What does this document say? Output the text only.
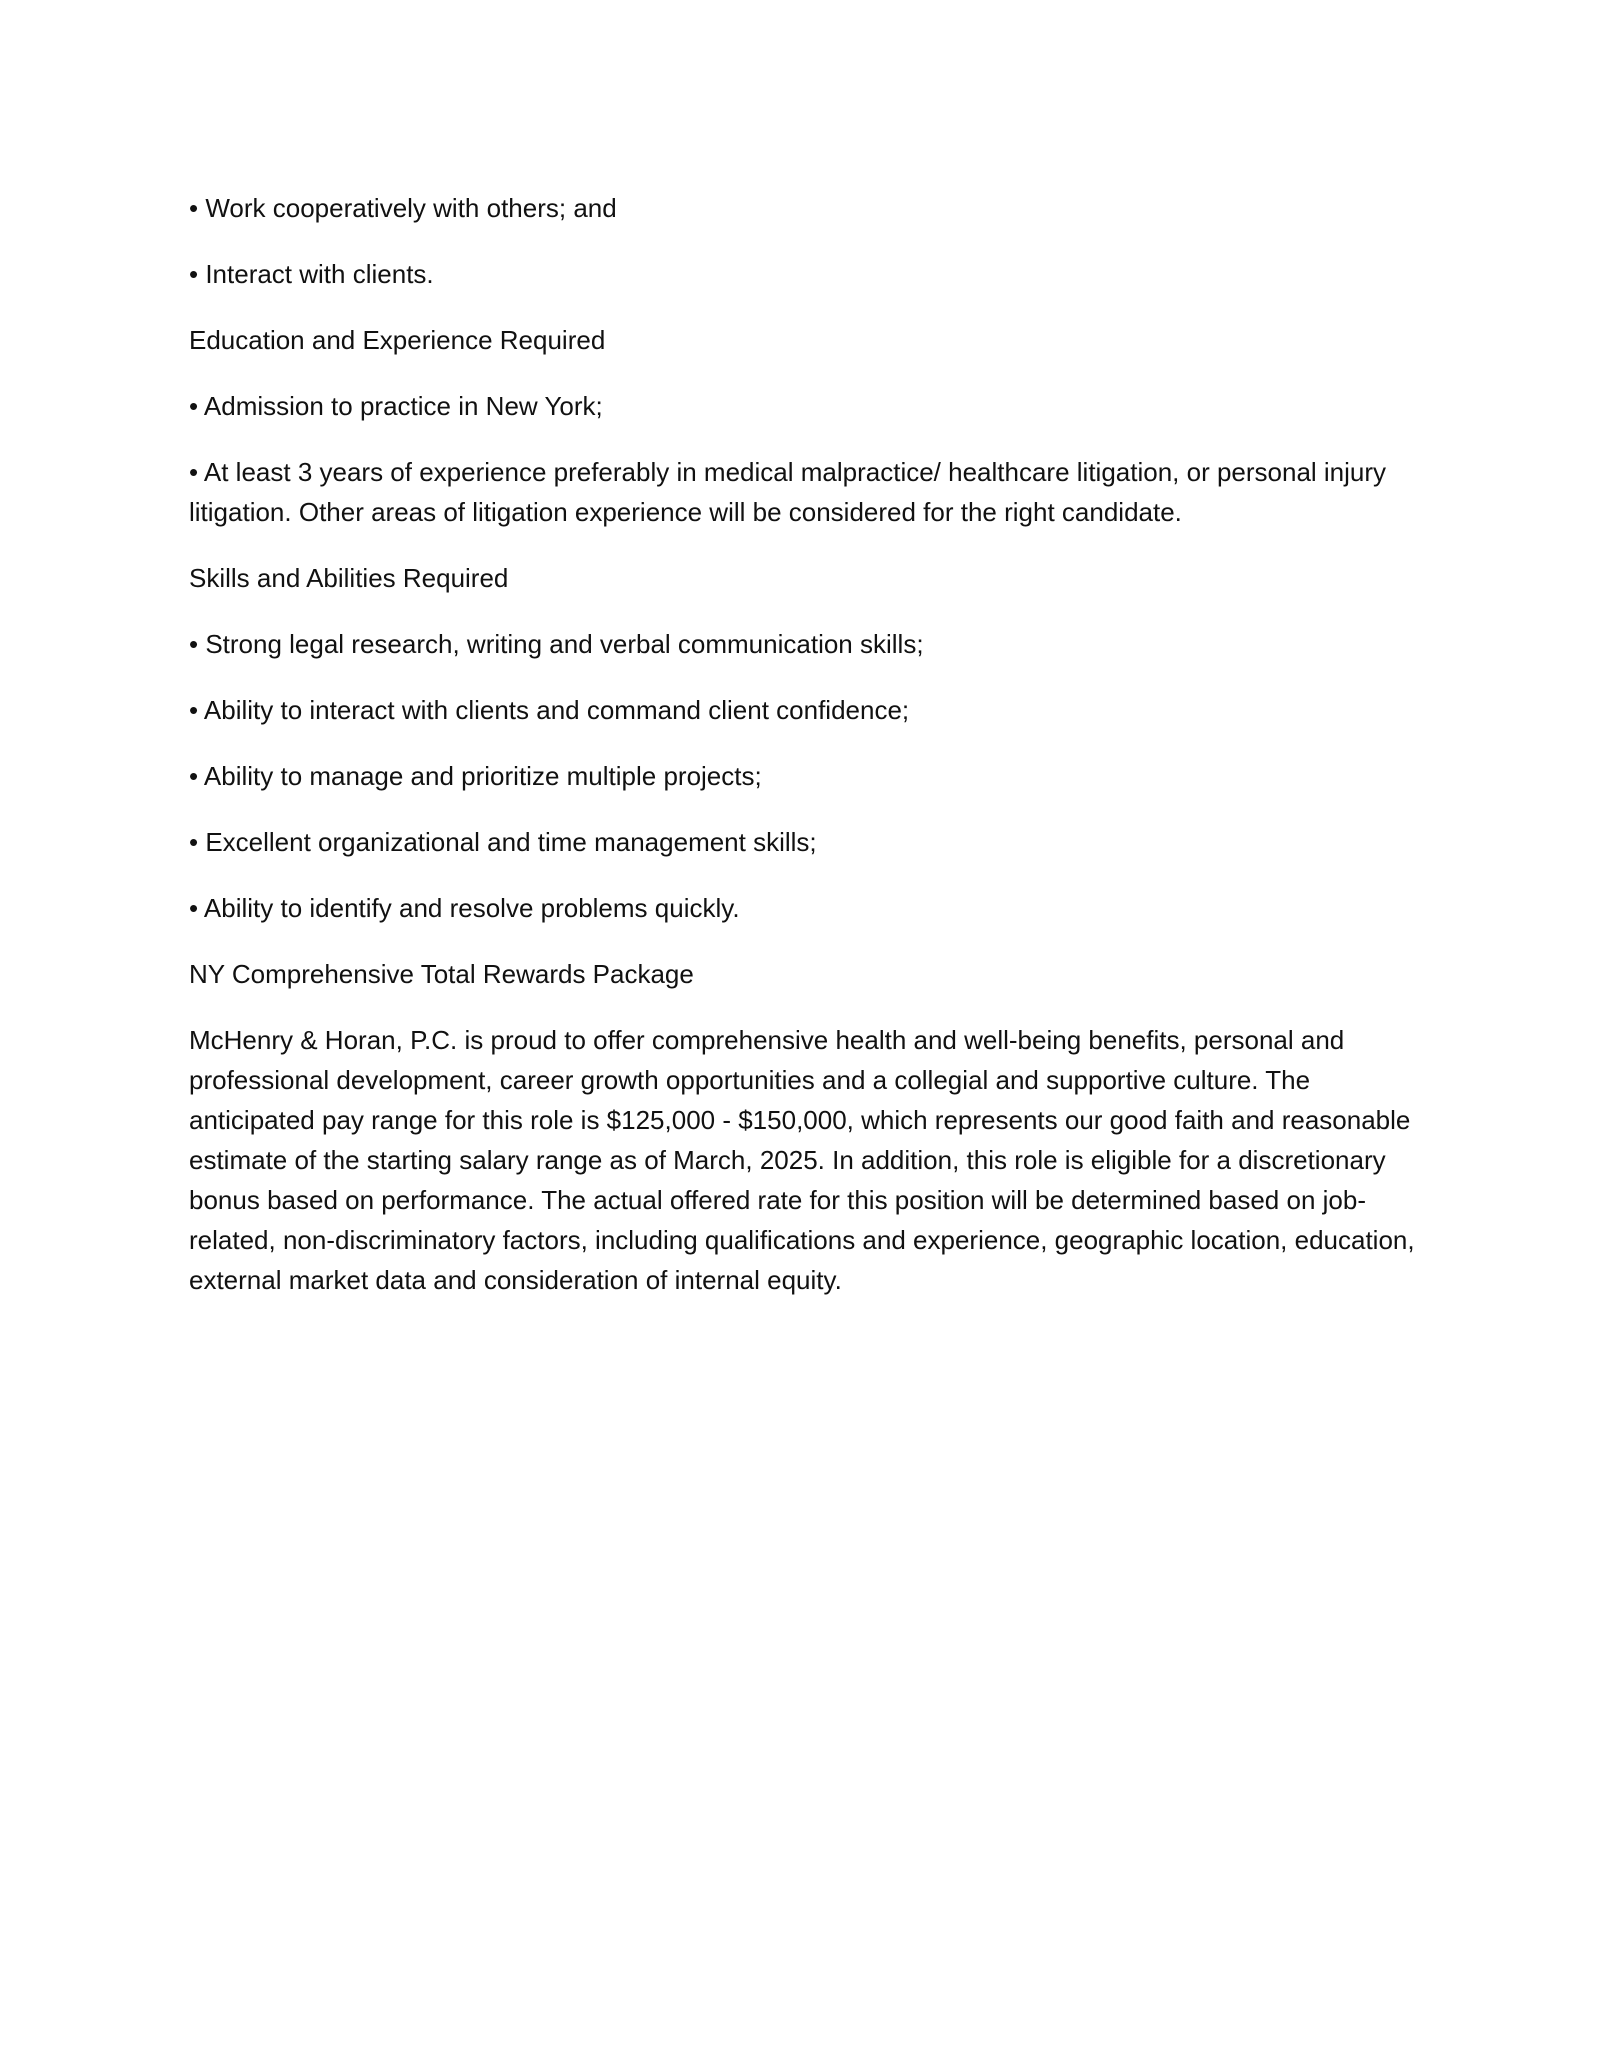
• Work cooperatively with others; and

• Interact with clients.

Education and Experience Required

• Admission to practice in New York;

• At least 3 years of experience preferably in medical malpractice/ healthcare litigation, or personal injury litigation. Other areas of litigation experience will be considered for the right candidate.

Skills and Abilities Required

• Strong legal research, writing and verbal communication skills;

• Ability to interact with clients and command client confidence;

• Ability to manage and prioritize multiple projects;

• Excellent organizational and time management skills;

• Ability to identify and resolve problems quickly.

NY Comprehensive Total Rewards Package

McHenry & Horan, P.C. is proud to offer comprehensive health and well-being benefits, personal and professional development, career growth opportunities and a collegial and supportive culture. The anticipated pay range for this role is $125,000 - $150,000, which represents our good faith and reasonable estimate of the starting salary range as of March, 2025. In addition, this role is eligible for a discretionary bonus based on performance. The actual offered rate for this position will be determined based on job-related, non-discriminatory factors, including qualifications and experience, geographic location, education, external market data and consideration of internal equity.
